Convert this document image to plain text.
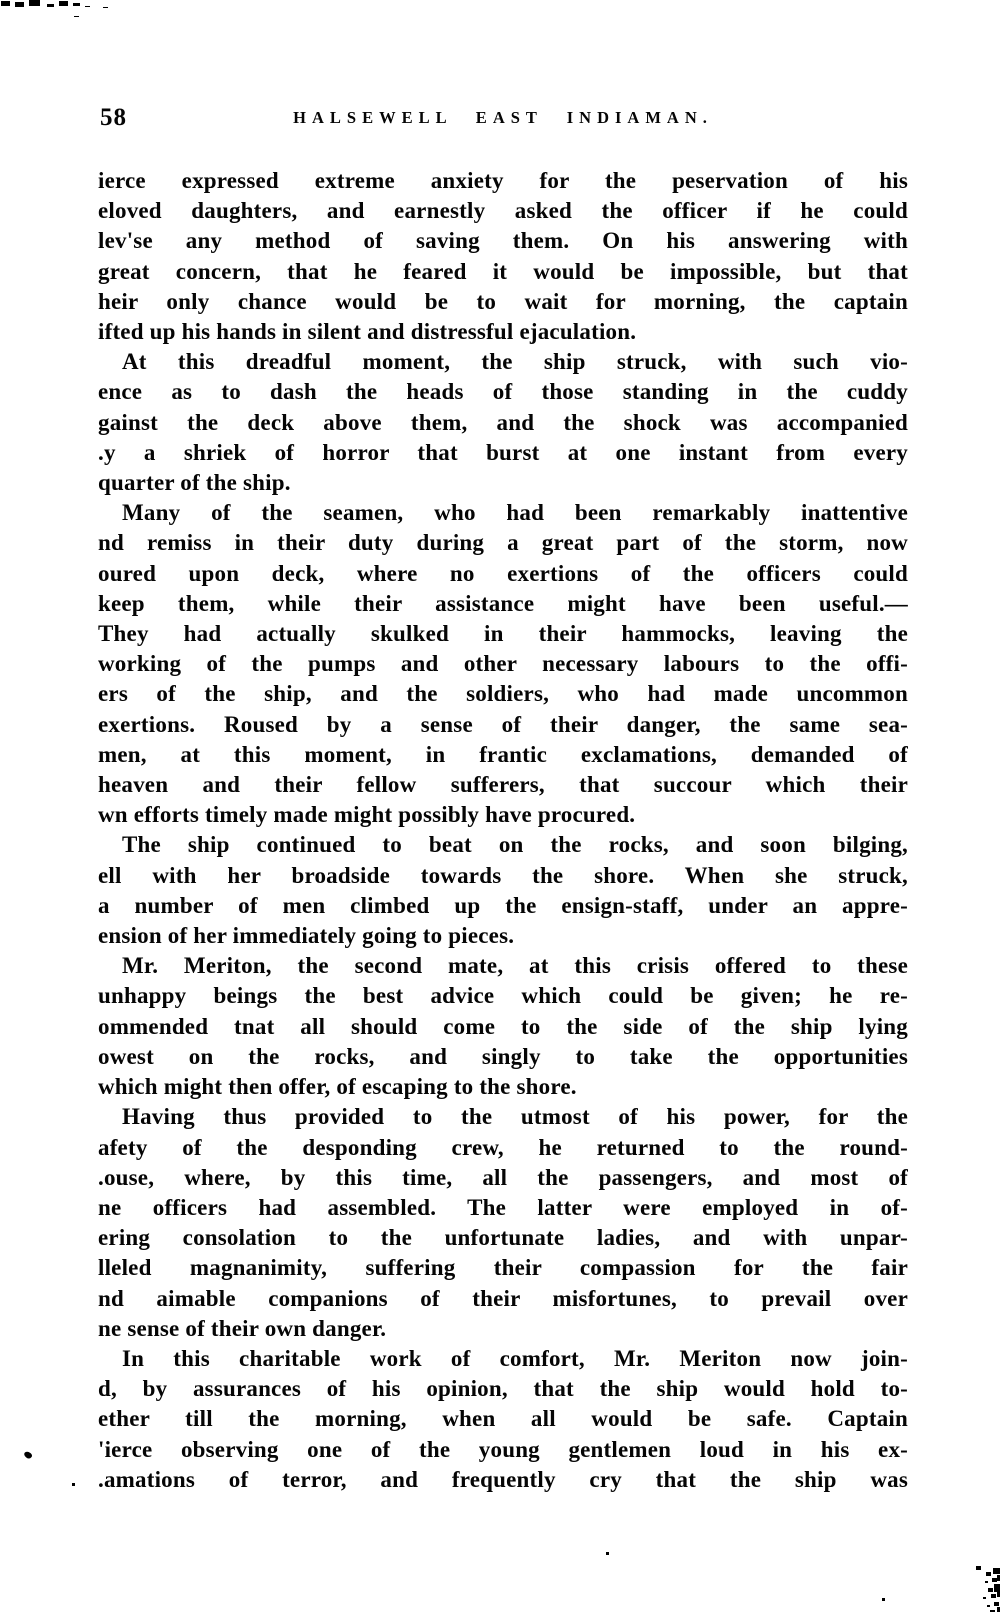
58	HALSEWELL EAST INDIAMAN.
ierce expressed extreme anxiety for the peservation of his
eloved daughters, and earnestly asked the officer if he could
lev'se any method of saving them. On his answering with
great concern, that he feared it would be impossible, but that
heir only chance would be to wait for morning, the captain
ifted up his hands in silent and distressful ejaculation.
At this dreadful moment, the ship struck, with such vio-
ence as to dash the heads of those standing in the cuddy
gainst the deck above them, and the shock was accompanied
.y a shriek of horror that burst at one instant from every
quarter of the ship.
Many of the seamen, who had been remarkably inattentive
nd remiss in their duty during a great part of the storm, now
oured upon deck, where no exertions of the officers could
keep them, while their assistance might have been useful.—
They had actually skulked in their hammocks, leaving the
working of the pumps and other necessary labours to the offi-
ers of the ship, and the soldiers, who had made uncommon
exertions. Roused by a sense of their danger, the same sea-
men, at this moment, in frantic exclamations, demanded of
heaven and their fellow sufferers, that succour which their
wn efforts timely made might possibly have procured.
The ship continued to beat on the rocks, and soon bilging,
ell with her broadside towards the shore. When she struck,
a number of men climbed up the ensign-staff, under an appre-
ension of her immediately going to pieces.
Mr. Meriton, the second mate, at this crisis offered to these
unhappy beings the best advice which could be given; he re-
ommended tnat all should come to the side of the ship lying
owest on the rocks, and singly to take the opportunities
which might then offer, of escaping to the shore.
Having thus provided to the utmost of his power, for the
afety of the desponding crew, he returned to the round-
.ouse, where, by this time, all the passengers, and most of
ne officers had assembled. The latter were employed in of-
ering consolation to the unfortunate ladies, and with unpar-
lleled magnanimity, suffering their compassion for the fair
nd aimable companions of their misfortunes, to prevail over
ne sense of their own danger.
In this charitable work of comfort, Mr. Meriton now join-
d, by assurances of his opinion, that the ship would hold to-
ether till the morning, when all would be safe. Captain
'ierce observing one of the young gentlemen loud in his ex-
.amations of terror, and frequently cry that the ship was
